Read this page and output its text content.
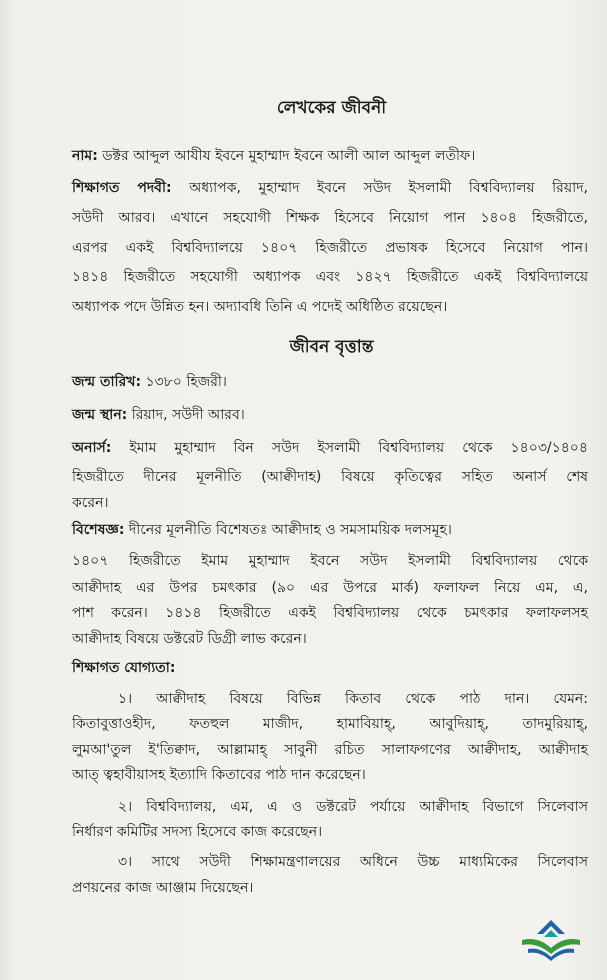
লেখকের জীবনী
নাম: ডক্টর আব্দুল আযীয ইবনে মুহাম্মাদ ইবনে আলী আল আব্দুল লতীফ।
শিক্ষাগত পদবী: অধ্যাপক, মুহাম্মাদ ইবনে সউদ ইসলামী বিশ্ববিদ্যালয় রিয়াদ,
সউদী আরব। এখানে সহযোগী শিক্ষক হিসেবে নিয়োগ পান ১৪০৪ হিজরীতে,
এরপর একই বিশ্ববিদ্যালয়ে ১৪০৭ হিজরীতে প্রভাষক হিসেবে নিয়োগ পান।
১৪১৪ হিজরীতে সহযোগী অধ্যাপক এবং ১৪২৭ হিজরীতে একই বিশ্ববিদ্যালয়ে
অধ্যাপক পদে উন্নিত হন। অদ্যাবধি তিনি এ পদেই অধিষ্ঠিত রয়েছেন।
জীবন বৃত্তান্ত
জন্ম তারিখ: ১৩৮০ হিজরী।
জন্ম স্থান: রিয়াদ, সউদী আরব।
অনার্স: ইমাম মুহাম্মাদ বিন সউদ ইসলামী বিশ্ববিদ্যালয় থেকে ১৪০৩/১৪০৪
হিজরীতে দীনের মূলনীতি (আক্বীদাহ) বিষয়ে কৃতিত্বের সহিত অনার্স শেষ
করেন।
বিশেষজ্ঞ: দীনের মূলনীতি বিশেষতঃ আক্বীদাহ ও সমসাময়িক দলসমূহ।
১৪০৭ হিজরীতে ইমাম মুহাম্মাদ ইবনে সউদ ইসলামী বিশ্ববিদ্যালয় থেকে
আক্বীদাহ এর উপর চমৎকার (৯০ এর উপরে মার্ক) ফলাফল নিয়ে এম, এ,
পাশ করেন। ১৪১৪ হিজরীতে একই বিশ্ববিদ্যালয় থেকে চমৎকার ফলাফলসহ
আক্বীদাহ বিষয়ে ডক্টরেট ডিগ্রী লাভ করেন।
শিক্ষাগত যোগ্যতা:
১। আক্বীদাহ বিষয়ে বিভিন্ন কিতাব থেকে পাঠ দান। যেমন:
কিতাবুত্তাওহীদ, ফতহুল মাজীদ, হামাবিয়াহ্‌, আবুদিয়াহ্‌, তাদমুরিয়াহ্‌,
লুমআ'তুল ই'তিক্বাদ, আল্লামাহ্‌ সাবুনী রচিত সালাফগণের আক্বীদাহ, আক্বীদাহ
আত্‌ ত্বহাবীয়াসহ ইত্যাদি কিতাবের পাঠ দান করেছেন।
২। বিশ্ববিদ্যালয়, এম, এ ও ডক্টরেট পর্যায়ে আক্বীদাহ বিভাগে সিলেবাস
নির্ধারণ কমিটির সদস্য হিসেবে কাজ করেছেন।
৩। সাথে সউদী শিক্ষামন্ত্রণালয়ের অধিনে উচ্চ মাধ্যমিকের সিলেবাস
প্রণয়নের কাজ আঞ্জাম দিয়েছেন।
